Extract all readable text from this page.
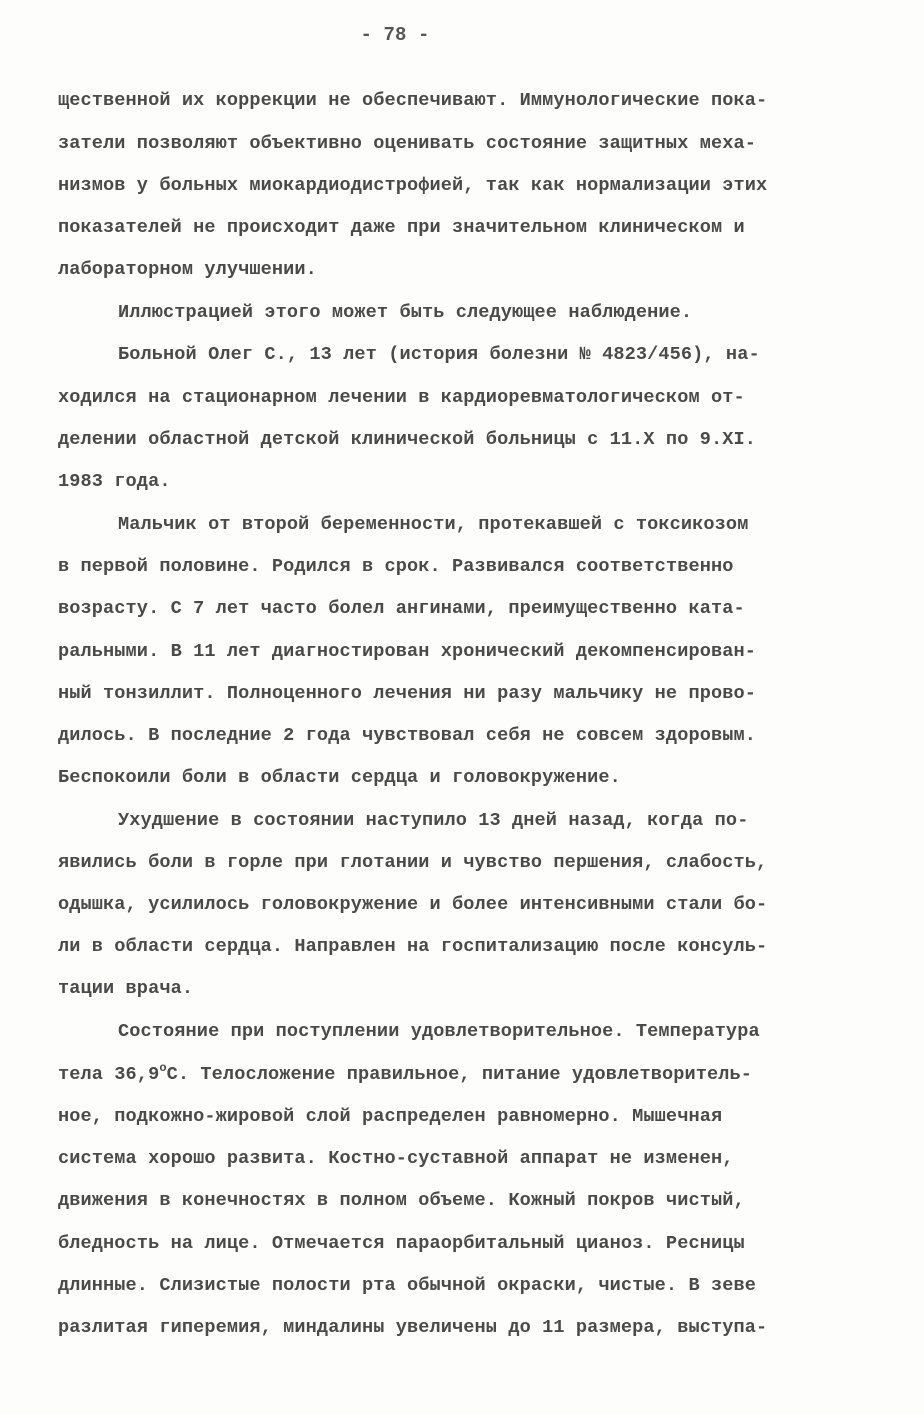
- 78 -
щественной их коррекции не обеспечивают. Иммунологические пока-
затели позволяют объективно оценивать состояние защитных меха-
низмов у больных миокардиодистрофией, так как нормализации этих
показателей не происходит даже при значительном клиническом и
лабораторном улучшении.
Иллюстрацией этого может быть следующее наблюдение.
Больной Олег С., 13 лет (история болезни № 4823/456), на-
ходился на стационарном лечении в кардиоревматологическом от-
делении областной детской клинической больницы с 11.Х по 9.ХI.
1983 года.
Мальчик от второй беременности, протекавшей с токсикозом
в первой половине. Родился в срок. Развивался соответственно
возрасту. С 7 лет часто болел ангинами, преимущественно ката-
ральными. В 11 лет диагностирован хронический декомпенсирован-
ный тонзиллит. Полноценного лечения ни разу мальчику не прово-
дилось. В последние 2 года чувствовал себя не совсем здоровым.
Беспокоили боли в области сердца и головокружение.
Ухудшение в состоянии наступило 13 дней назад, когда по-
явились боли в горле при глотании и чувство першения, слабость,
одышка, усилилось головокружение и более интенсивными стали бо-
ли в области сердца. Направлен на госпитализацию после консуль-
тации врача.
Состояние при поступлении удовлетворительное. Температура
тела $36,9^оС$. Телосложение правильное, питание удовлетворитель-
ное, подкожно-жировой слой распределен равномерно. Мышечная
система хорошо развита. Костно-суставной аппарат не изменен,
движения в конечностях в полном объеме. Кожный покров чистый,
бледность на лице. Отмечается параорбитальный цианоз. Ресницы
длинные. Слизистые полости рта обычной окраски, чистые. В зеве
разлитая гиперемия, миндалины увеличены до 11 размера, выступа-
